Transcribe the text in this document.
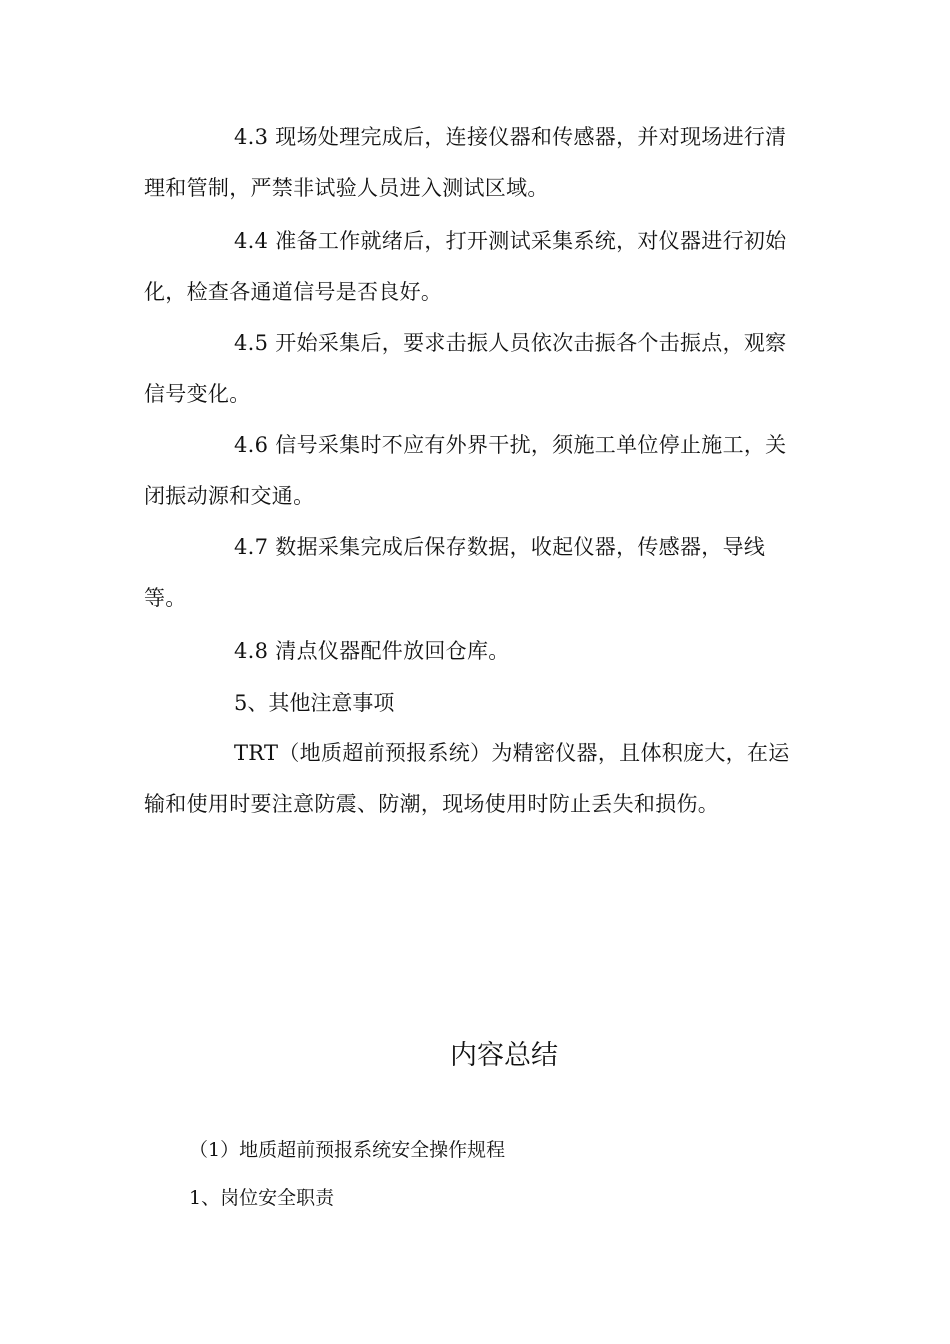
4.3 现场处理完成后，连接仪器和传感器，并对现场进行清理和管制，严禁非试验人员进入测试区域。

4.4 准备工作就绪后，打开测试采集系统，对仪器进行初始化，检查各通道信号是否良好。

4.5 开始采集后，要求击振人员依次击振各个击振点，观察信号变化。

4.6 信号采集时不应有外界干扰，须施工单位停止施工，关闭振动源和交通。

4.7 数据采集完成后保存数据，收起仪器，传感器，导线等。

4.8 清点仪器配件放回仓库。

5、其他注意事项

TRT（地质超前预报系统）为精密仪器，且体积庞大，在运输和使用时要注意防震、防潮，现场使用时防止丢失和损伤。

内容总结

（1）地质超前预报系统安全操作规程

1、岗位安全职责
